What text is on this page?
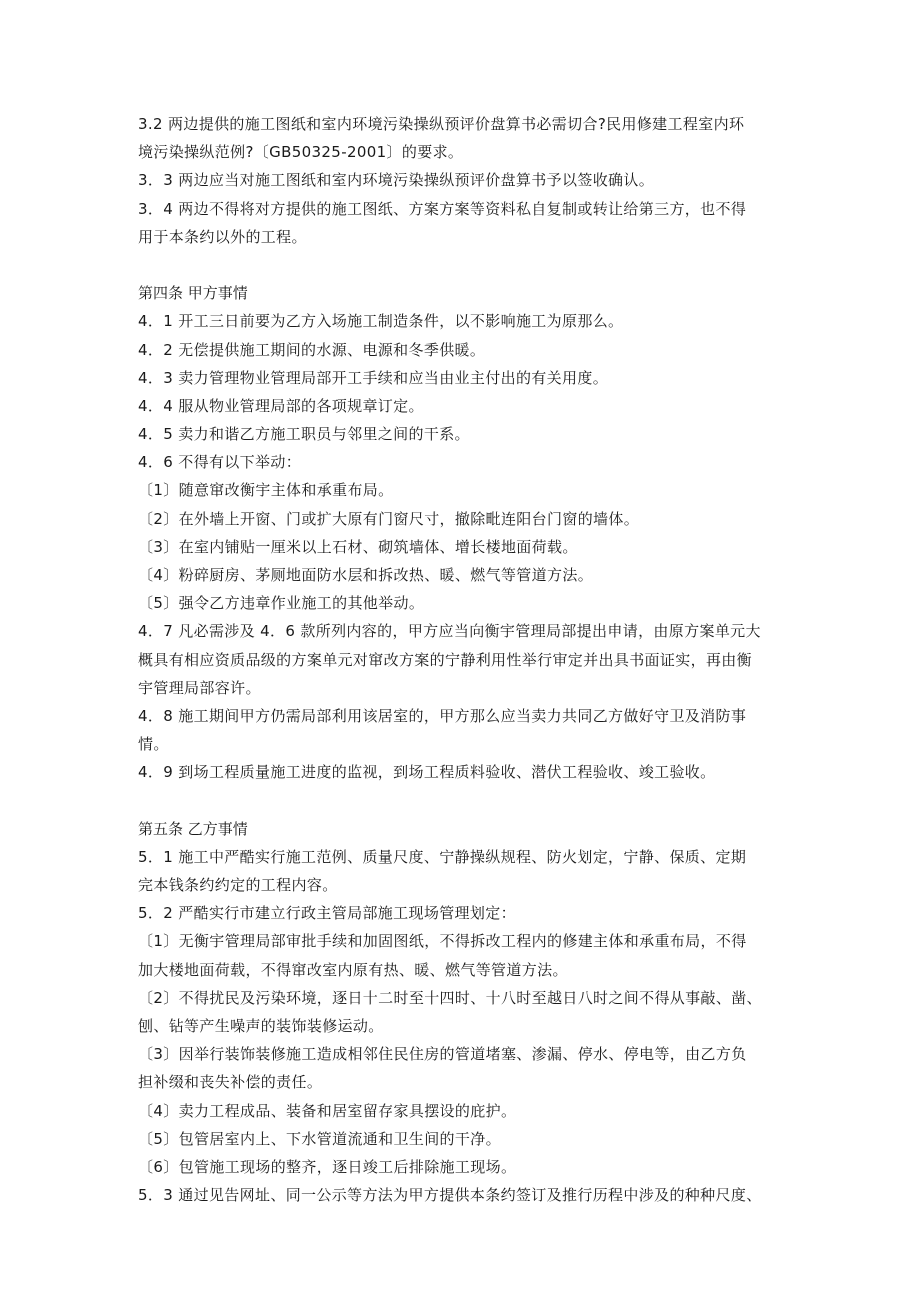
3.2 两边提供的施工图纸和室内环境污染操纵预评价盘算书必需切合?民用修建工程室内环
境污染操纵范例?〔GB50325-2001〕的要求。
3．3 两边应当对施工图纸和室内环境污染操纵预评价盘算书予以签收确认。
3．4 两边不得将对方提供的施工图纸、方案方案等资料私自复制或转让给第三方，也不得
用于本条约以外的工程。
第四条 甲方事情
4．1 开工三日前要为乙方入场施工制造条件，以不影响施工为原那么。
4．2 无偿提供施工期间的水源、电源和冬季供暖。
4．3 卖力管理物业管理局部开工手续和应当由业主付出的有关用度。
4．4 服从物业管理局部的各项规章订定。
4．5 卖力和谐乙方施工职员与邻里之间的干系。
4．6 不得有以下举动：
〔1〕随意窜改衡宇主体和承重布局。
〔2〕在外墙上开窗、门或扩大原有门窗尺寸，撤除毗连阳台门窗的墙体。
〔3〕在室内铺贴一厘米以上石材、砌筑墙体、增长楼地面荷载。
〔4〕粉碎厨房、茅厕地面防水层和拆改热、暖、燃气等管道方法。
〔5〕强令乙方违章作业施工的其他举动。
4．7 凡必需涉及 4．6 款所列内容的，甲方应当向衡宇管理局部提出申请，由原方案单元大
概具有相应资质品级的方案单元对窜改方案的宁静利用性举行审定并出具书面证实，再由衡
宇管理局部容许。
4．8 施工期间甲方仍需局部利用该居室的，甲方那么应当卖力共同乙方做好守卫及消防事
情。
4．9 到场工程质量施工进度的监视，到场工程质料验收、潜伏工程验收、竣工验收。
第五条 乙方事情
5．1 施工中严酷实行施工范例、质量尺度、宁静操纵规程、防火划定，宁静、保质、定期
完本钱条约约定的工程内容。
5．2 严酷实行市建立行政主管局部施工现场管理划定：
〔1〕无衡宇管理局部审批手续和加固图纸，不得拆改工程内的修建主体和承重布局，不得
加大楼地面荷载，不得窜改室内原有热、暖、燃气等管道方法。
〔2〕不得扰民及污染环境，逐日十二时至十四时、十八时至越日八时之间不得从事敲、凿、
刨、钻等产生噪声的装饰装修运动。
〔3〕因举行装饰装修施工造成相邻住民住房的管道堵塞、渗漏、停水、停电等，由乙方负
担补缀和丧失补偿的责任。
〔4〕卖力工程成品、装备和居室留存家具摆设的庇护。
〔5〕包管居室内上、下水管道流通和卫生间的干净。
〔6〕包管施工现场的整齐，逐日竣工后排除施工现场。
5．3 通过见告网址、同一公示等方法为甲方提供本条约签订及推行历程中涉及的种种尺度、
